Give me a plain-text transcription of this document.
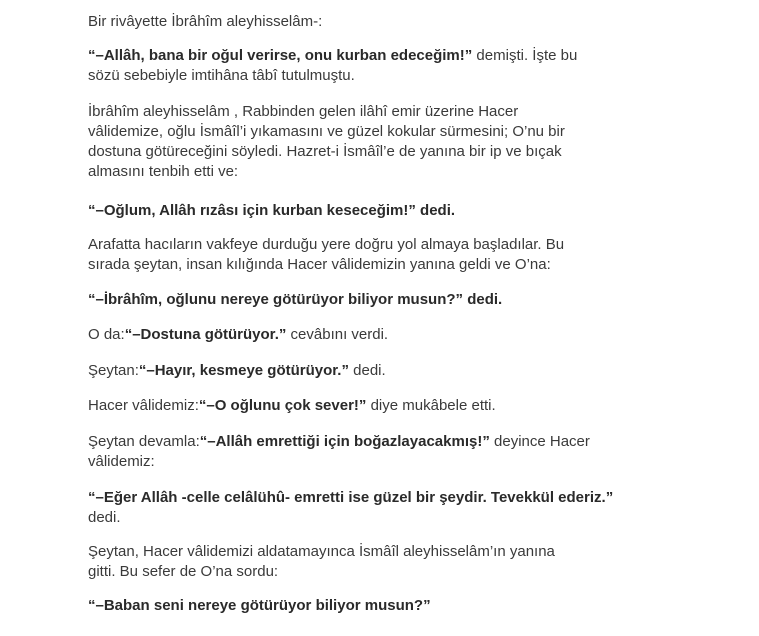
Bir rivâyette İbrâhîm aleyhisselâm-:

“–Allâh, bana bir oğul verirse, onu kurban edeceğim!” demişti. İşte bu
sözü sebebiyle imtihâna tâbî tutulmuştu.

İbrâhîm aleyhisselâm , Rabbinden gelen ilâhî emir üzerine Hacer
vâlidemize, oğlu İsmâîl’i yıkamasını ve güzel kokular sürmesini; O’nu bir
dostuna götüreceğini söyledi. Hazret-i İsmâîl’e de yanına bir ip ve bıçak
almasını tenbih etti ve:

“–Oğlum, Allâh rızâsı için kurban keseceğim!” dedi.

Arafatta hacıların vakfeye durduğu yere doğru yol almaya başladılar. Bu
sırada şeytan, insan kılığında Hacer vâlidemizin yanına geldi ve O’na:

“–İbrâhîm, oğlunu nereye götürüyor biliyor musun?” dedi.

O da:“–Dostuna götürüyor.” cevâbını verdi.

Şeytan:“–Hayır, kesmeye götürüyor.” dedi.

Hacer vâlidemiz:“–O oğlunu çok sever!” diye mukâbele etti.

Şeytan devamla:“–Allâh emrettiği için boğazlayacakmış!” deyince Hacer
vâlidemiz:

“–Eğer Allâh -celle celâlühû- emretti ise güzel bir şeydir. Tevekkül ederiz.”
dedi.

Şeytan, Hacer vâlidemizi aldatamayınca İsmâîl aleyhisselâm’ın yanına
gitti. Bu sefer de O’na sordu:

“–Baban seni nereye götürüyor biliyor musun?”
